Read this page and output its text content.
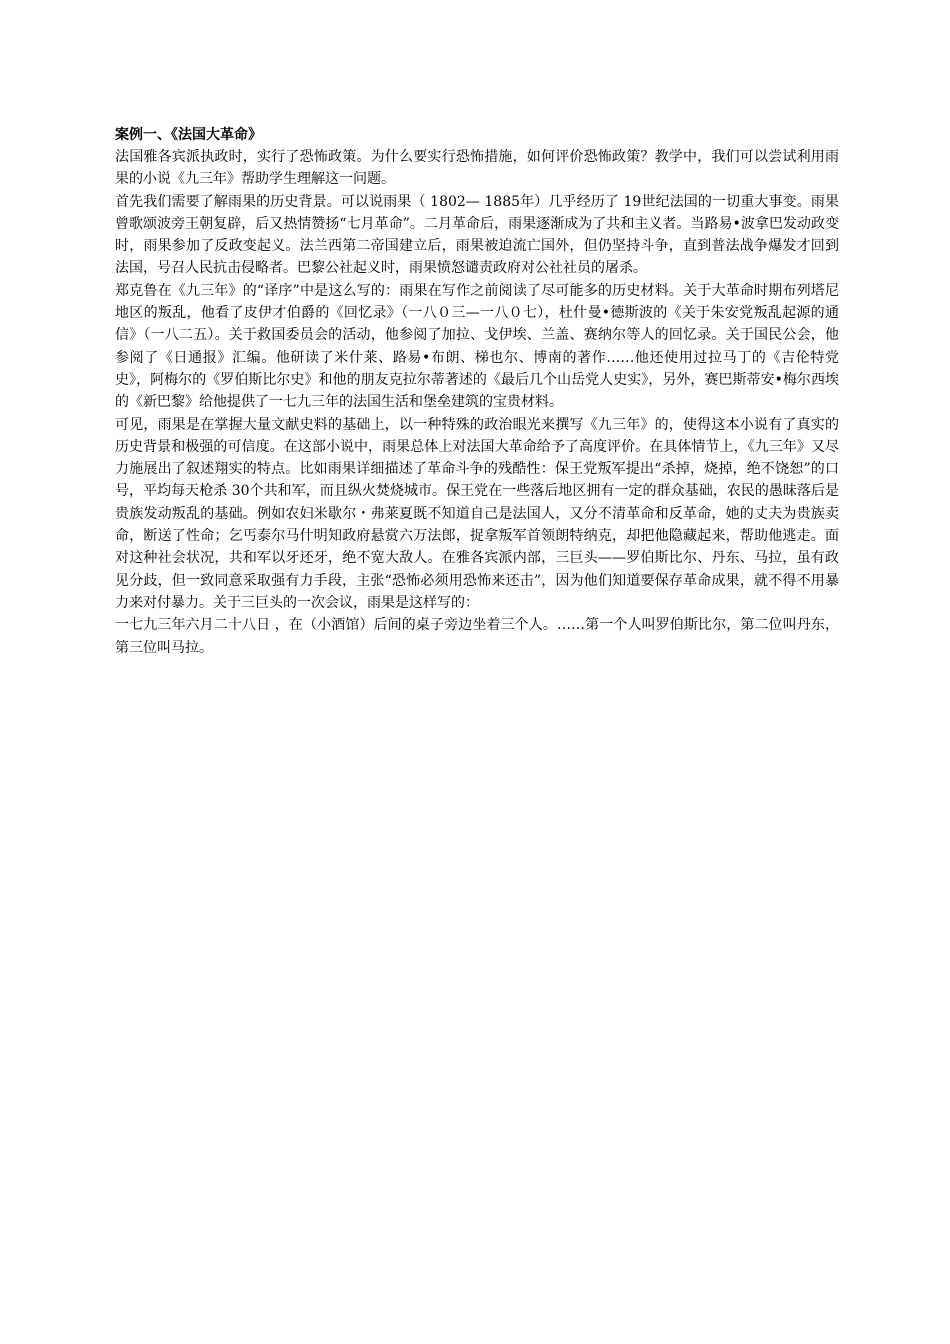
案例一、《法国大革命》

法国雅各宾派执政时，实行了恐怖政策。为什么要实行恐怖措施，如何评价恐怖政策？教学中，我们可以尝试利用雨果的小说《九三年》帮助学生理解这一问题。

首先我们需要了解雨果的历史背景。可以说雨果（ 1802— 1885年）几乎经历了 19世纪法国的一切重大事变。雨果曾歌颂波旁王朝复辟，后又热情赞扬“七月革命”。二月革命后，雨果逐渐成为了共和主义者。当路易•波拿巴发动政变时，雨果参加了反政变起义。法兰西第二帝国建立后，雨果被迫流亡国外，但仍坚持斗争，直到普法战争爆发才回到法国，号召人民抗击侵略者。巴黎公社起义时，雨果愤怒谴责政府对公社社员的屠杀。

郑克鲁在《九三年》的“译序”中是这么写的：雨果在写作之前阅读了尽可能多的历史材料。关于大革命时期布列塔尼地区的叛乱，他看了皮伊才伯爵的《回忆录》（一八０三—一八０七），杜什曼•德斯波的《关于朱安党叛乱起源的通信》（一八二五）。关于救国委员会的活动，他参阅了加拉、戈伊埃、兰盖、赛纳尔等人的回忆录。关于国民公会，他参阅了《日通报》汇编。他研读了米什莱、路易•布朗、梯也尔、博南的著作……他还使用过拉马丁的《吉伦特党史》，阿梅尔的《罗伯斯比尔史》和他的朋友克拉尔蒂著述的《最后几个山岳党人史实》，另外，赛巴斯蒂安•梅尔西埃的《新巴黎》给他提供了一七九三年的法国生活和堡垒建筑的宝贵材料。

可见，雨果是在掌握大量文献史料的基础上，以一种特殊的政治眼光来撰写《九三年》的，使得这本小说有了真实的历史背景和极强的可信度。在这部小说中，雨果总体上对法国大革命给予了高度评价。在具体情节上，《九三年》又尽力施展出了叙述翔实的特点。比如雨果详细描述了革命斗争的残酷性：保王党叛军提出“杀掉，烧掉，绝不饶恕”的口号，平均每天枪杀 30个共和军，而且纵火焚烧城市。保王党在一些落后地区拥有一定的群众基础，农民的愚昧落后是贵族发动叛乱的基础。例如农妇米歇尔・弗莱夏既不知道自己是法国人，又分不清革命和反革命，她的丈夫为贵族卖命，断送了性命；乞丐泰尔马什明知政府悬赏六万法郎，捉拿叛军首领朗特纳克，却把他隐藏起来，帮助他逃走。面对这种社会状况，共和军以牙还牙，绝不宽大敌人。在雅各宾派内部，三巨头——罗伯斯比尔、丹东、马拉，虽有政见分歧，但一致同意采取强有力手段，主张“恐怖必须用恐怖来还击”，因为他们知道要保存革命成果，就不得不用暴力来对付暴力。关于三巨头的一次会议，雨果是这样写的：

一七九三年六月二十八日 ，在（小酒馆）后间的桌子旁边坐着三个人。……第一个人叫罗伯斯比尔，第二位叫丹东，第三位叫马拉。
